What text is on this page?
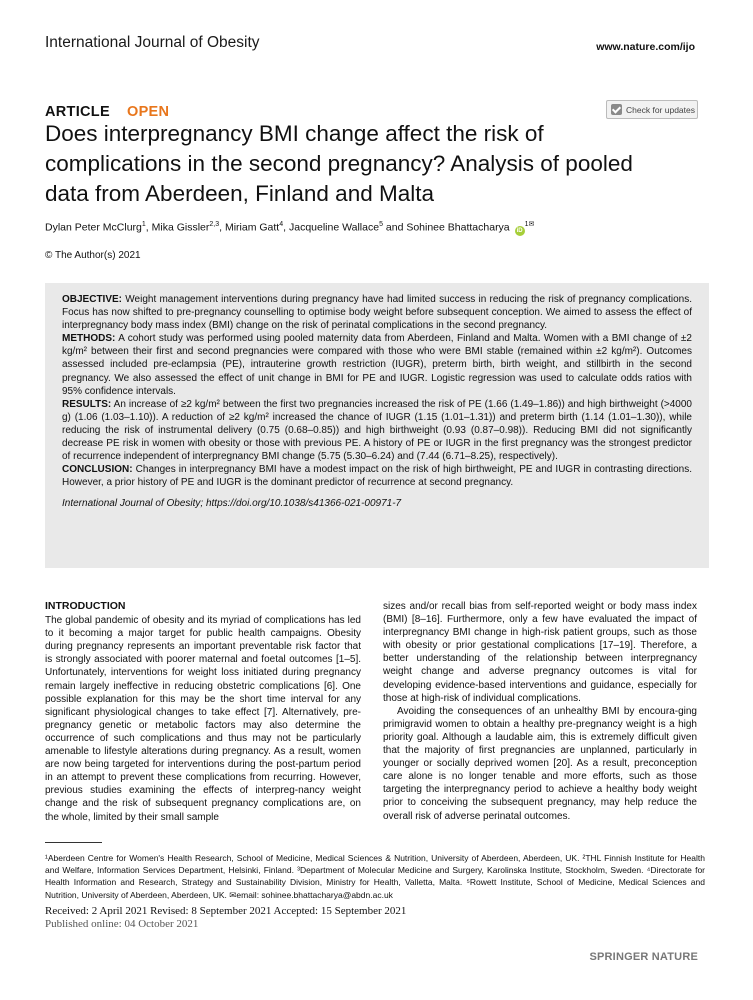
International Journal of Obesity	www.nature.com/ijo
ARTICLE OPEN	Check for updates
Does interpregnancy BMI change affect the risk of complications in the second pregnancy? Analysis of pooled data from Aberdeen, Finland and Malta
Dylan Peter McClurg$^1$, Mika Gissler$^{2,3}$, Miriam Gatt$^4$, Jacqueline Wallace$^5$ and Sohinee Bhattacharya $iD^{1✉}$
© The Author(s) 2021

OBJECTIVE: Weight management interventions during pregnancy have had limited success in reducing the risk of pregnancy complications. Focus has now shifted to pre-pregnancy counselling to optimise body weight before subsequent conception. We aimed to assess the effect of interpregnancy body mass index (BMI) change on the risk of perinatal complications in the second pregnancy.

METHODS: A cohort study was performed using pooled maternity data from Aberdeen, Finland and Malta. Women with a BMI change of ±2 kg/m² between their first and second pregnancies were compared with those who were BMI stable (remained within ±2 kg/m²). Outcomes assessed included pre-eclampsia (PE), intrauterine growth restriction (IUGR), preterm birth, birth weight, and stillbirth in the second pregnancy. We also assessed the effect of unit change in BMI for PE and IUGR. Logistic regression was used to calculate odds ratios with 95% confidence intervals.

RESULTS: An increase of ≥2 kg/m² between the first two pregnancies increased the risk of PE (1.66 (1.49–1.86)) and high birthweight (>4000 g) (1.06 (1.03–1.10)). A reduction of ≥2 kg/m² increased the chance of IUGR (1.15 (1.01–1.31)) and preterm birth (1.14 (1.01–1.30)), while reducing the risk of instrumental delivery (0.75 (0.68–0.85)) and high birthweight (0.93 (0.87–0.98)). Reducing BMI did not significantly decrease PE risk in women with obesity or those with previous PE. A history of PE or IUGR in the first pregnancy was the strongest predictor of recurrence independent of interpregnancy BMI change (5.75 (5.30–6.24) and (7.44 (6.71–8.25), respectively).

CONCLUSION: Changes in interpregnancy BMI have a modest impact on the risk of high birthweight, PE and IUGR in contrasting directions. However, a prior history of PE and IUGR is the dominant predictor of recurrence at second pregnancy.

International Journal of Obesity; https://doi.org/10.1038/s41366-021-00971-7

INTRODUCTION

The global pandemic of obesity and its myriad of complications has led to it becoming a major target for public health campaigns. Obesity during pregnancy represents an important preventable risk factor that is strongly associated with poorer maternal and foetal outcomes [1–5]. Unfortunately, interventions for weight loss initiated during pregnancy remain largely ineffective in reducing obstetric complications [6]. One possible explanation for this may be the short time interval for any significant physiological changes to take effect [7]. Alternatively, pre-pregnancy genetic or metabolic factors may also determine the occurrence of such complications and thus may not be particularly amenable to lifestyle alterations during pregnancy. As a result, women are now being targeted for interventions during the post-partum period in an attempt to prevent these complications from recurring. However, previous studies examining the effects of interpreg-nancy weight change and the risk of subsequent pregnancy complications are, on the whole, limited by their small sample

sizes and/or recall bias from self-reported weight or body mass index (BMI) [8–16]. Furthermore, only a few have evaluated the impact of interpregnancy BMI change in high-risk patient groups, such as those with obesity or prior gestational complications [17–19]. Therefore, a better understanding of the relationship between interpregnancy weight change and adverse pregnancy outcomes is vital for developing evidence-based interventions and guidance, especially for those at high-risk of individual complications.

Avoiding the consequences of an unhealthy BMI by encoura-ging primigravid women to obtain a healthy pre-pregnancy weight is a high priority goal. Although a laudable aim, this is extremely difficult given that the majority of first pregnancies are unplanned, particularly in younger or socially deprived women [20]. As a result, preconception care alone is no longer tenable and more efforts, such as those targeting the interpregnancy period to achieve a healthy body weight prior to conceiving the subsequent pregnancy, may help reduce the overall risk of adverse perinatal outcomes.

¹Aberdeen Centre for Women's Health Research, School of Medicine, Medical Sciences & Nutrition, University of Aberdeen, Aberdeen, UK. ²THL Finnish Institute for Health and Welfare, Information Services Department, Helsinki, Finland. ³Department of Molecular Medicine and Surgery, Karolinska Institute, Stockholm, Sweden. ⁴Directorate for Health Information and Research, Strategy and Sustainability Division, Ministry for Health, Valletta, Malta. ⁵Rowett Institute, School of Medicine, Medical Sciences and Nutrition, University of Aberdeen, Aberdeen, UK. ✉email: sohinee.bhattacharya@abdn.ac.uk
Received: 2 April 2021 Revised: 8 September 2021 Accepted: 15 September 2021
Published online: 04 October 2021
SPRINGER NATURE
